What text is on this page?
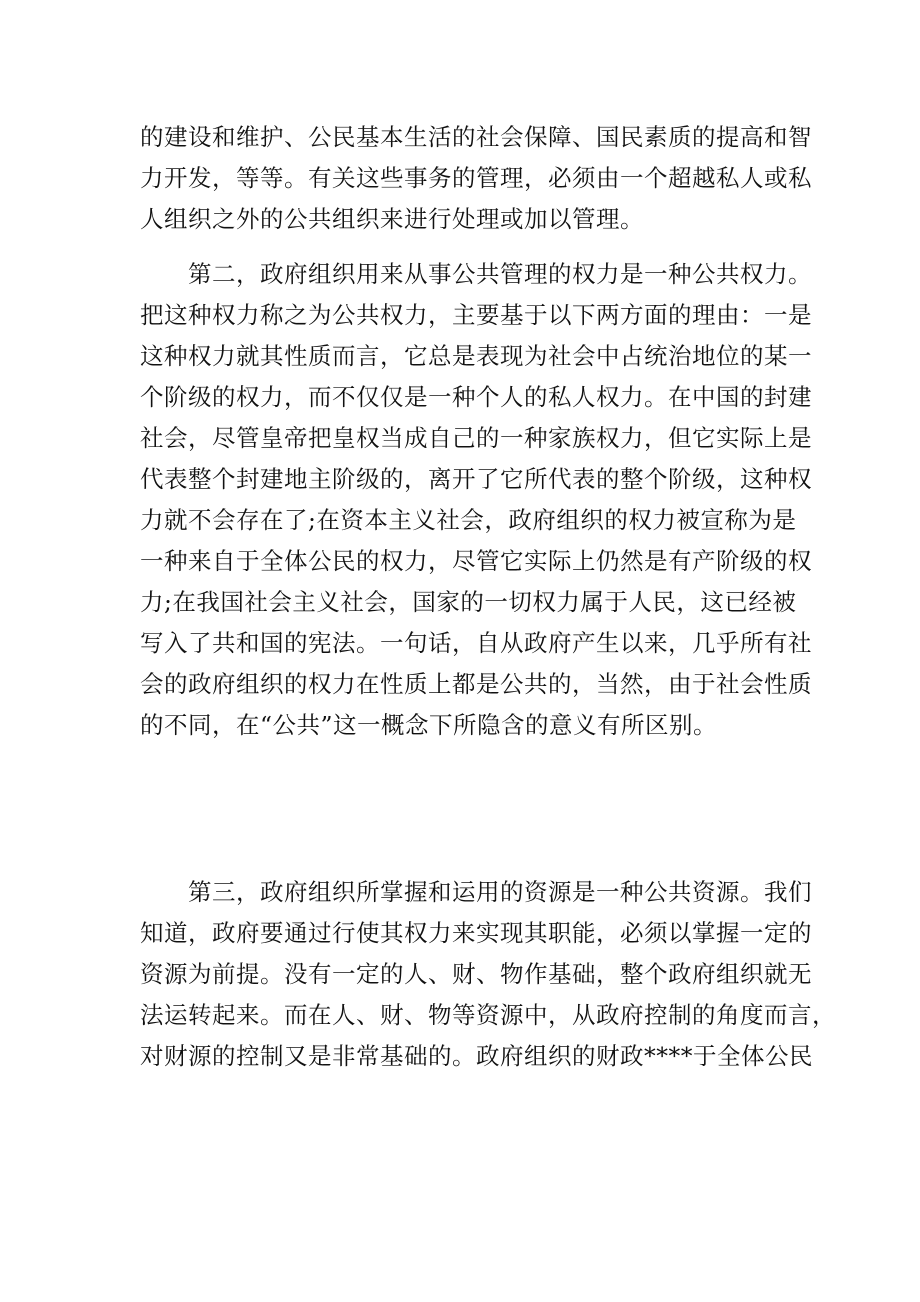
的建设和维护、公民基本生活的社会保障、国民素质的提高和智
力开发，等等。有关这些事务的管理，必须由一个超越私人或私
人组织之外的公共组织来进行处理或加以管理。
　　第二，政府组织用来从事公共管理的权力是一种公共权力。
把这种权力称之为公共权力，主要基于以下两方面的理由：一是
这种权力就其性质而言，它总是表现为社会中占统治地位的某一
个阶级的权力，而不仅仅是一种个人的私人权力。在中国的封建
社会，尽管皇帝把皇权当成自己的一种家族权力，但它实际上是
代表整个封建地主阶级的，离开了它所代表的整个阶级，这种权
力就不会存在了;在资本主义社会，政府组织的权力被宣称为是
一种来自于全体公民的权力，尽管它实际上仍然是有产阶级的权
力;在我国社会主义社会，国家的一切权力属于人民，这已经被
写入了共和国的宪法。一句话，自从政府产生以来，几乎所有社
会的政府组织的权力在性质上都是公共的，当然，由于社会性质
的不同，在“公共”这一概念下所隐含的意义有所区别。
　　第三，政府组织所掌握和运用的资源是一种公共资源。我们
知道，政府要通过行使其权力来实现其职能，必须以掌握一定的
资源为前提。没有一定的人、财、物作基础，整个政府组织就无
法运转起来。而在人、财、物等资源中，从政府控制的角度而言，
对财源的控制又是非常基础的。政府组织的财政****于全体公民
